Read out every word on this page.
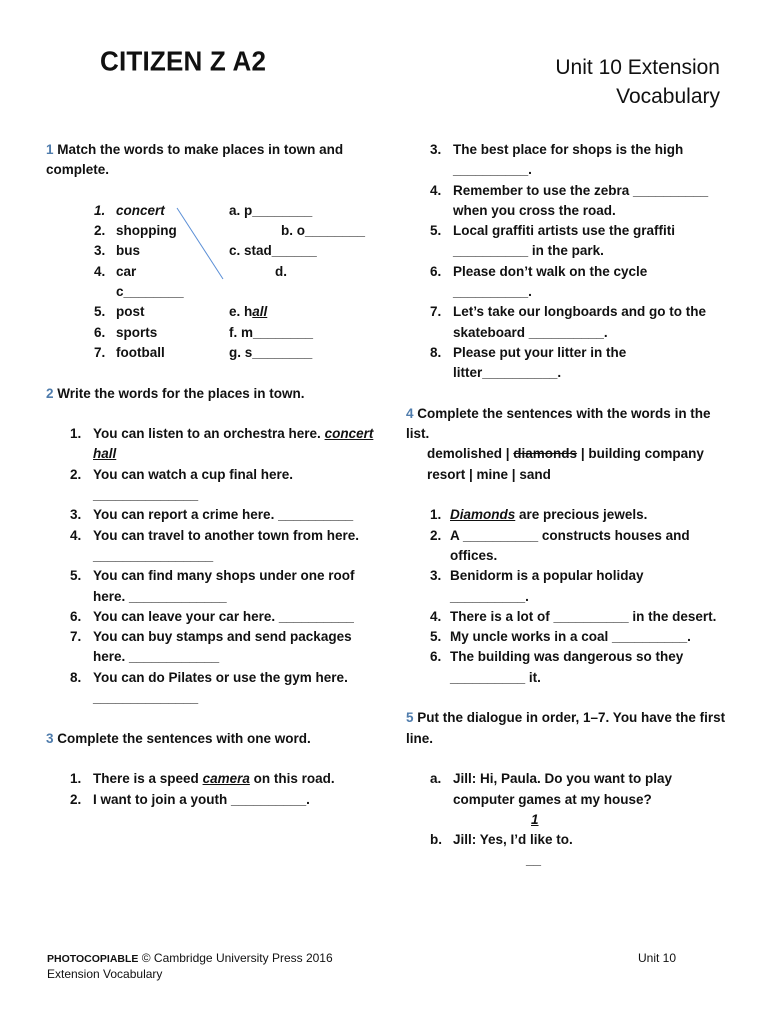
CITIZEN Z A2	Unit 10 Extension
Vocabulary

1 Match the words to make places in town and complete.

1. concert	a. p________
2. shopping	b. o________
3. bus	c. stad______
4. car	d.
c________
5. post	e. hall
6. sports	f. m________
7. football	g. s________

2 Write the words for the places in town.

1. You can listen to an orchestra here. concert hall
2. You can watch a cup final here. ______________
3. You can report a crime here. __________
4. You can travel to another town from here. ________________
5. You can find many shops under one roof here. _____________
6. You can leave your car here. __________
7. You can buy stamps and send packages here. ____________
8. You can do Pilates or use the gym here. ______________

3 Complete the sentences with one word.

1. There is a speed camera on this road.
2. I want to join a youth __________.
3. The best place for shops is the high __________.
4. Remember to use the zebra __________ when you cross the road.
5. Local graffiti artists use the graffiti __________ in the park.
6. Please don’t walk on the cycle __________.
7. Let’s take our longboards and go to the skateboard __________.
8. Please put your litter in the litter__________.

4 Complete the sentences with the words in the list.

demolished | diamonds | building company resort | mine | sand

1. Diamonds are precious jewels.
2. A __________ constructs houses and offices.
3. Benidorm is a popular holiday __________.
4. There is a lot of __________ in the desert.
5. My uncle works in a coal __________.
6. The building was dangerous so they __________ it.

5 Put the dialogue in order, 1–7. You have the first line.

a. Jill: Hi, Paula. Do you want to play computer games at my house?
1
b. Jill: Yes, I’d like to.
__
PHOTOCOPIABLE © Cambridge University Press 2016
Extension Vocabulary
Unit 10
